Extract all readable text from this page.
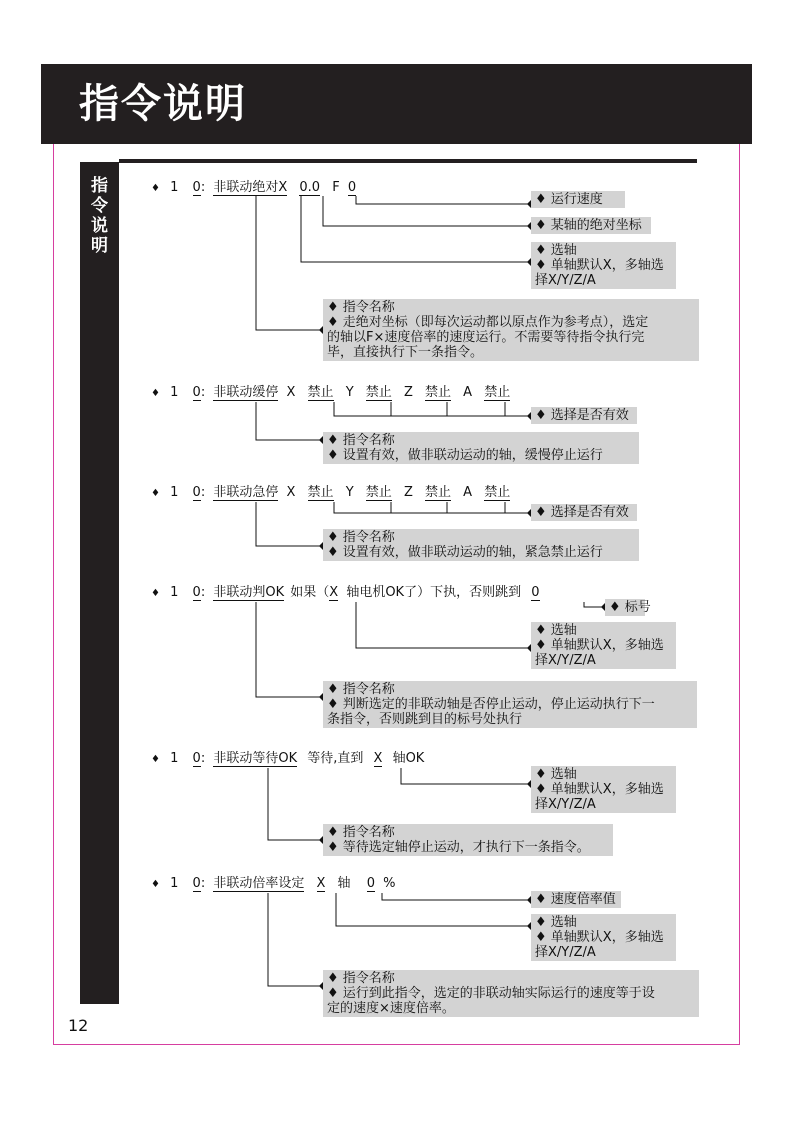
指令说明
指
令
说
明
12
♦ 1 0: 非联动绝对X 0.0 F 0
♦ 运行速度
♦ 某轴的绝对坐标
♦ 选轴
♦ 单轴默认X，多轴选
择X/Y/Z/A
♦ 指令名称
♦ 走绝对坐标（即每次运动都以原点作为参考点），选定
的轴以F×速度倍率的速度运行。不需要等待指令执行完
毕，直接执行下一条指令。
♦ 1 0: 非联动缓停 X 禁止 Y 禁止 Z 禁止 A 禁止
♦ 选择是否有效
♦ 指令名称
♦ 设置有效，做非联动运动的轴，缓慢停止运行
♦ 1 0: 非联动急停 X 禁止 Y 禁止 Z 禁止 A 禁止
♦ 选择是否有效
♦ 指令名称
♦ 设置有效，做非联动运动的轴，紧急禁止运行
♦ 1 0: 非联动判OK 如果（X 轴电机OK了）下执，否则跳到 0
♦ 标号
♦ 选轴
♦ 单轴默认X，多轴选
择X/Y/Z/A
♦ 指令名称
♦ 判断选定的非联动轴是否停止运动，停止运动执行下一
条指令，否则跳到目的标号处执行
♦ 1 0: 非联动等待OK 等待,直到 X 轴OK
♦ 选轴
♦ 单轴默认X，多轴选
择X/Y/Z/A
♦ 指令名称
♦ 等待选定轴停止运动，才执行下一条指令。
♦ 1 0: 非联动倍率设定 X 轴 0 %
♦ 速度倍率值
♦ 选轴
♦ 单轴默认X，多轴选
择X/Y/Z/A
♦ 指令名称
♦ 运行到此指令，选定的非联动轴实际运行的速度等于设
定的速度×速度倍率。
